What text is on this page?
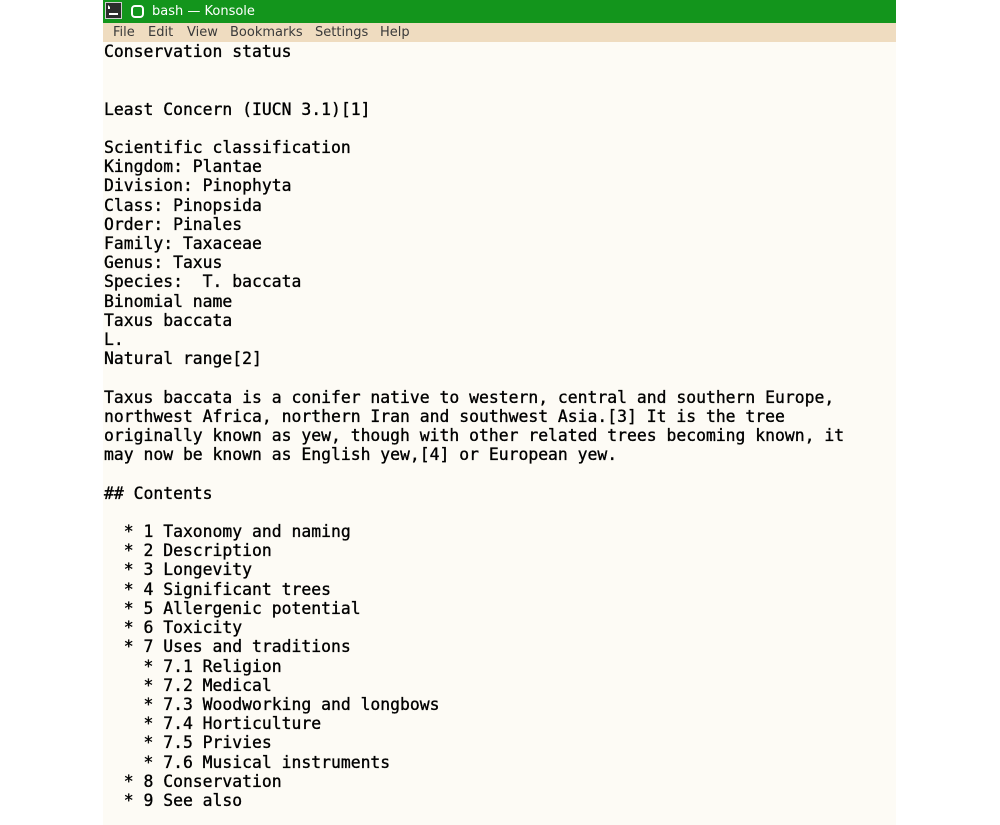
bash — Konsole
File Edit View Bookmarks Settings Help
Conservation status

Least Concern (IUCN 3.1)[1]

Scientific classification
Kingdom: Plantae
Division: Pinophyta
Class: Pinopsida
Order: Pinales
Family: Taxaceae
Genus: Taxus
Species:  T. baccata
Binomial name
Taxus baccata
L.
Natural range[2]

Taxus baccata is a conifer native to western, central and southern Europe,
northwest Africa, northern Iran and southwest Asia.[3] It is the tree
originally known as yew, though with other related trees becoming known, it
may now be known as English yew,[4] or European yew.

## Contents

* 1 Taxonomy and naming
* 2 Description
* 3 Longevity
* 4 Significant trees
* 5 Allergenic potential
* 6 Toxicity
* 7 Uses and traditions
* 7.1 Religion
* 7.2 Medical
* 7.3 Woodworking and longbows
* 7.4 Horticulture
* 7.5 Privies
* 7.6 Musical instruments
* 8 Conservation
* 9 See also
